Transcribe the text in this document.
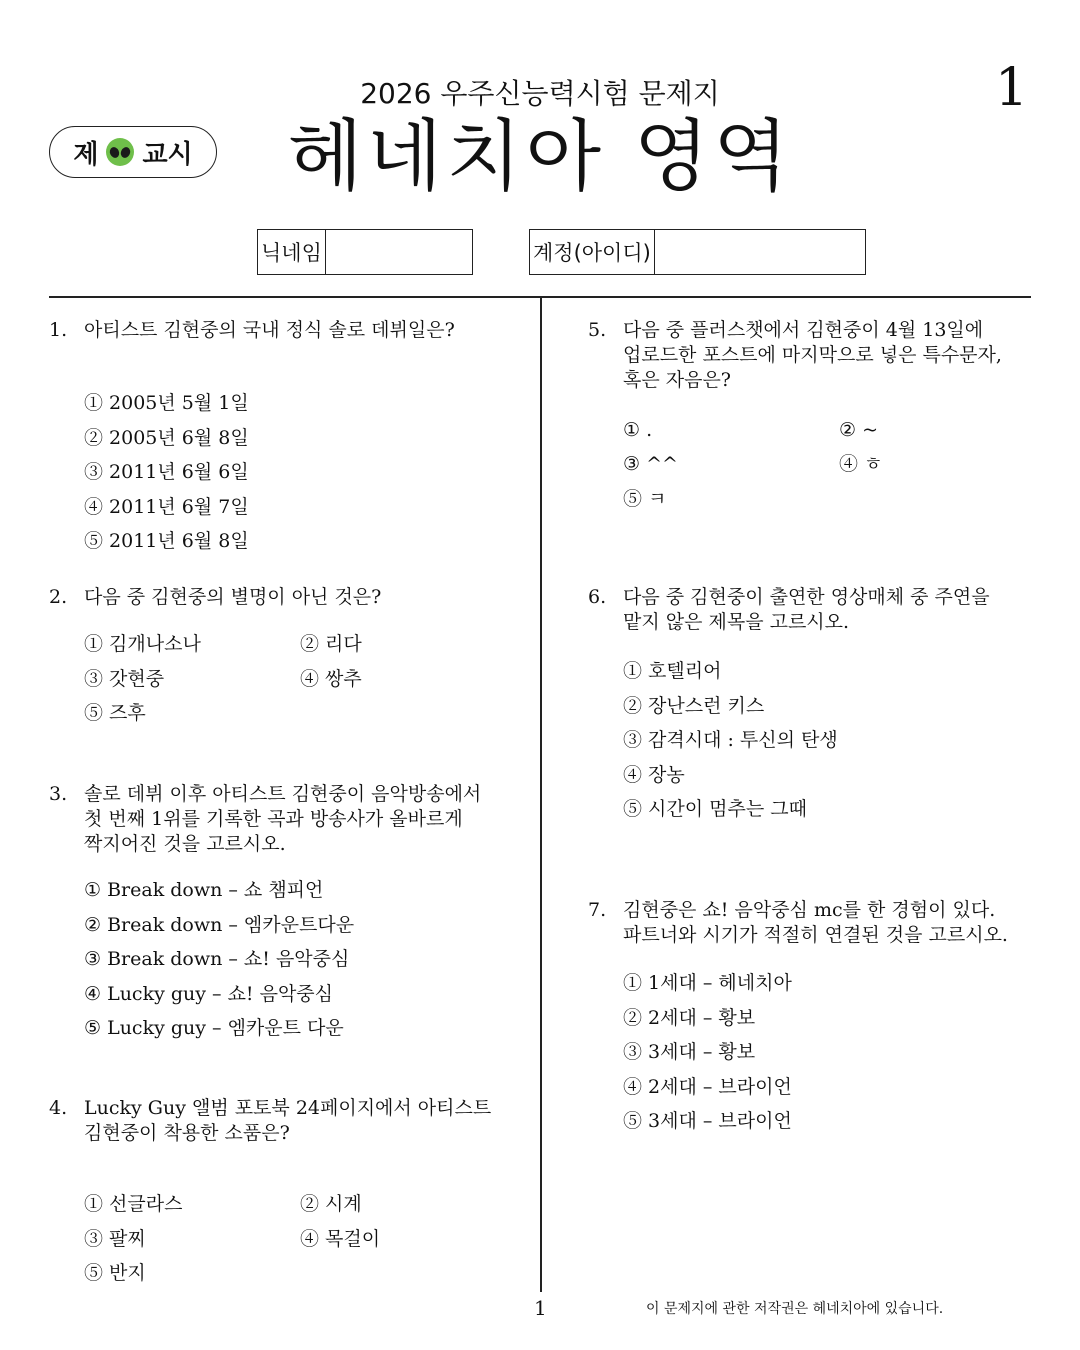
2026 우주신능력시험 문제지	1
제 교시	헤네치아 영역
닉네임	계정(아이디)
1. 아티스트 김현중의 국내 정식 솔로 데뷔일은?
① 2005년 5월 1일
② 2005년 6월 8일
③ 2011년 6월 6일
④ 2011년 6월 7일
⑤ 2011년 6월 8일
2. 다음 중 김현중의 별명이 아닌 것은?
① 김개나소나	② 리다
③ 갓현중	④ 쌍추
⑤ 즈후
3. 솔로 데뷔 이후 아티스트 김현중이 음악방송에서
첫 번째 1위를 기록한 곡과 방송사가 올바르게
짝지어진 것을 고르시오.
① Break down – 쇼 챔피언
② Break down – 엠카운트다운
③ Break down – 쇼! 음악중심
④ Lucky guy – 쇼! 음악중심
⑤ Lucky guy – 엠카운트 다운
4. Lucky Guy 앨범 포토북 24페이지에서 아티스트
김현중이 착용한 소품은?
① 선글라스	② 시계
③ 팔찌	④ 목걸이
⑤ 반지
5. 다음 중 플러스챗에서 김현중이 4월 13일에
업로드한 포스트에 마지막으로 넣은 특수문자,
혹은 자음은?
① .	② ~
③ ^^	④ ㅎ
⑤ ㅋ
6. 다음 중 김현중이 출연한 영상매체 중 주연을
맡지 않은 제목을 고르시오.
① 호텔리어
② 장난스런 키스
③ 감격시대 : 투신의 탄생
④ 장농
⑤ 시간이 멈추는 그때
7. 김현중은 쇼! 음악중심 mc를 한 경험이 있다.
파트너와 시기가 적절히 연결된 것을 고르시오.
① 1세대 – 헤네치아
② 2세대 – 황보
③ 3세대 – 황보
④ 2세대 – 브라이언
⑤ 3세대 – 브라이언
1	이 문제지에 관한 저작권은 헤네치아에 있습니다.
